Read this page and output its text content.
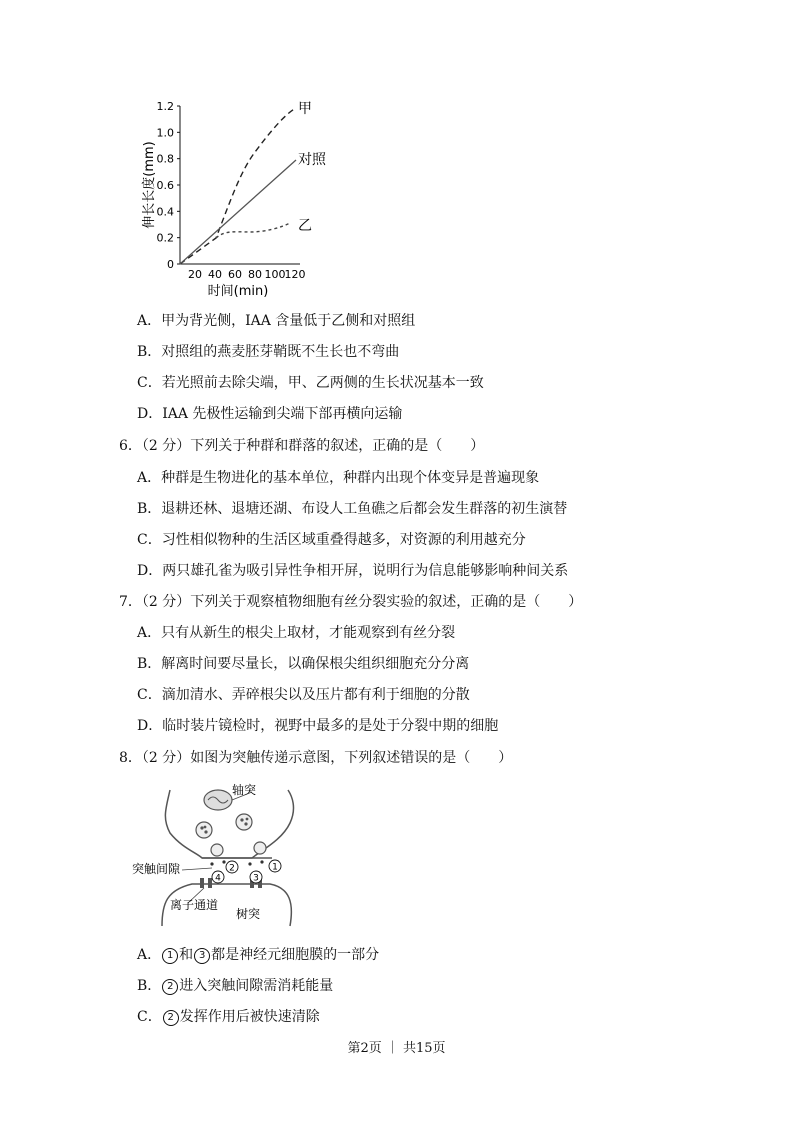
0
0.2
0.4
0.6
0.8
1.0
1.2
20 40 60 80 100 120
伸长长度(mm)
时间(min)
甲
对照
乙
A．甲为背光侧，IAA 含量低于乙侧和对照组
B．对照组的燕麦胚芽鞘既不生长也不弯曲
C．若光照前去除尖端，甲、乙两侧的生长状况基本一致
D．IAA 先极性运输到尖端下部再横向运输
6．（2 分）下列关于种群和群落的叙述，正确的是（　　）
A．种群是生物进化的基本单位，种群内出现个体变异是普遍现象
B．退耕还林、退塘还湖、布设人工鱼礁之后都会发生群落的初生演替
C．习性相似物种的生活区域重叠得越多，对资源的利用越充分
D．两只雄孔雀为吸引异性争相开屏，说明行为信息能够影响种间关系
7．（2 分）下列关于观察植物细胞有丝分裂实验的叙述，正确的是（　　）
A．只有从新生的根尖上取材，才能观察到有丝分裂
B．解离时间要尽量长，以确保根尖组织细胞充分分离
C．滴加清水、弄碎根尖以及压片都有利于细胞的分散
D．临时装片镜检时，视野中最多的是处于分裂中期的细胞
8．（2 分）如图为突触传递示意图，下列叙述错误的是（　　）
2	1
4	3
轴突
突触间隙
离子通道
树突
A． 1 和 3 都是神经元细胞膜的一部分
B． 2 进入突触间隙需消耗能量
C． 2 发挥作用后被快速清除
第2页 ｜ 共15页
